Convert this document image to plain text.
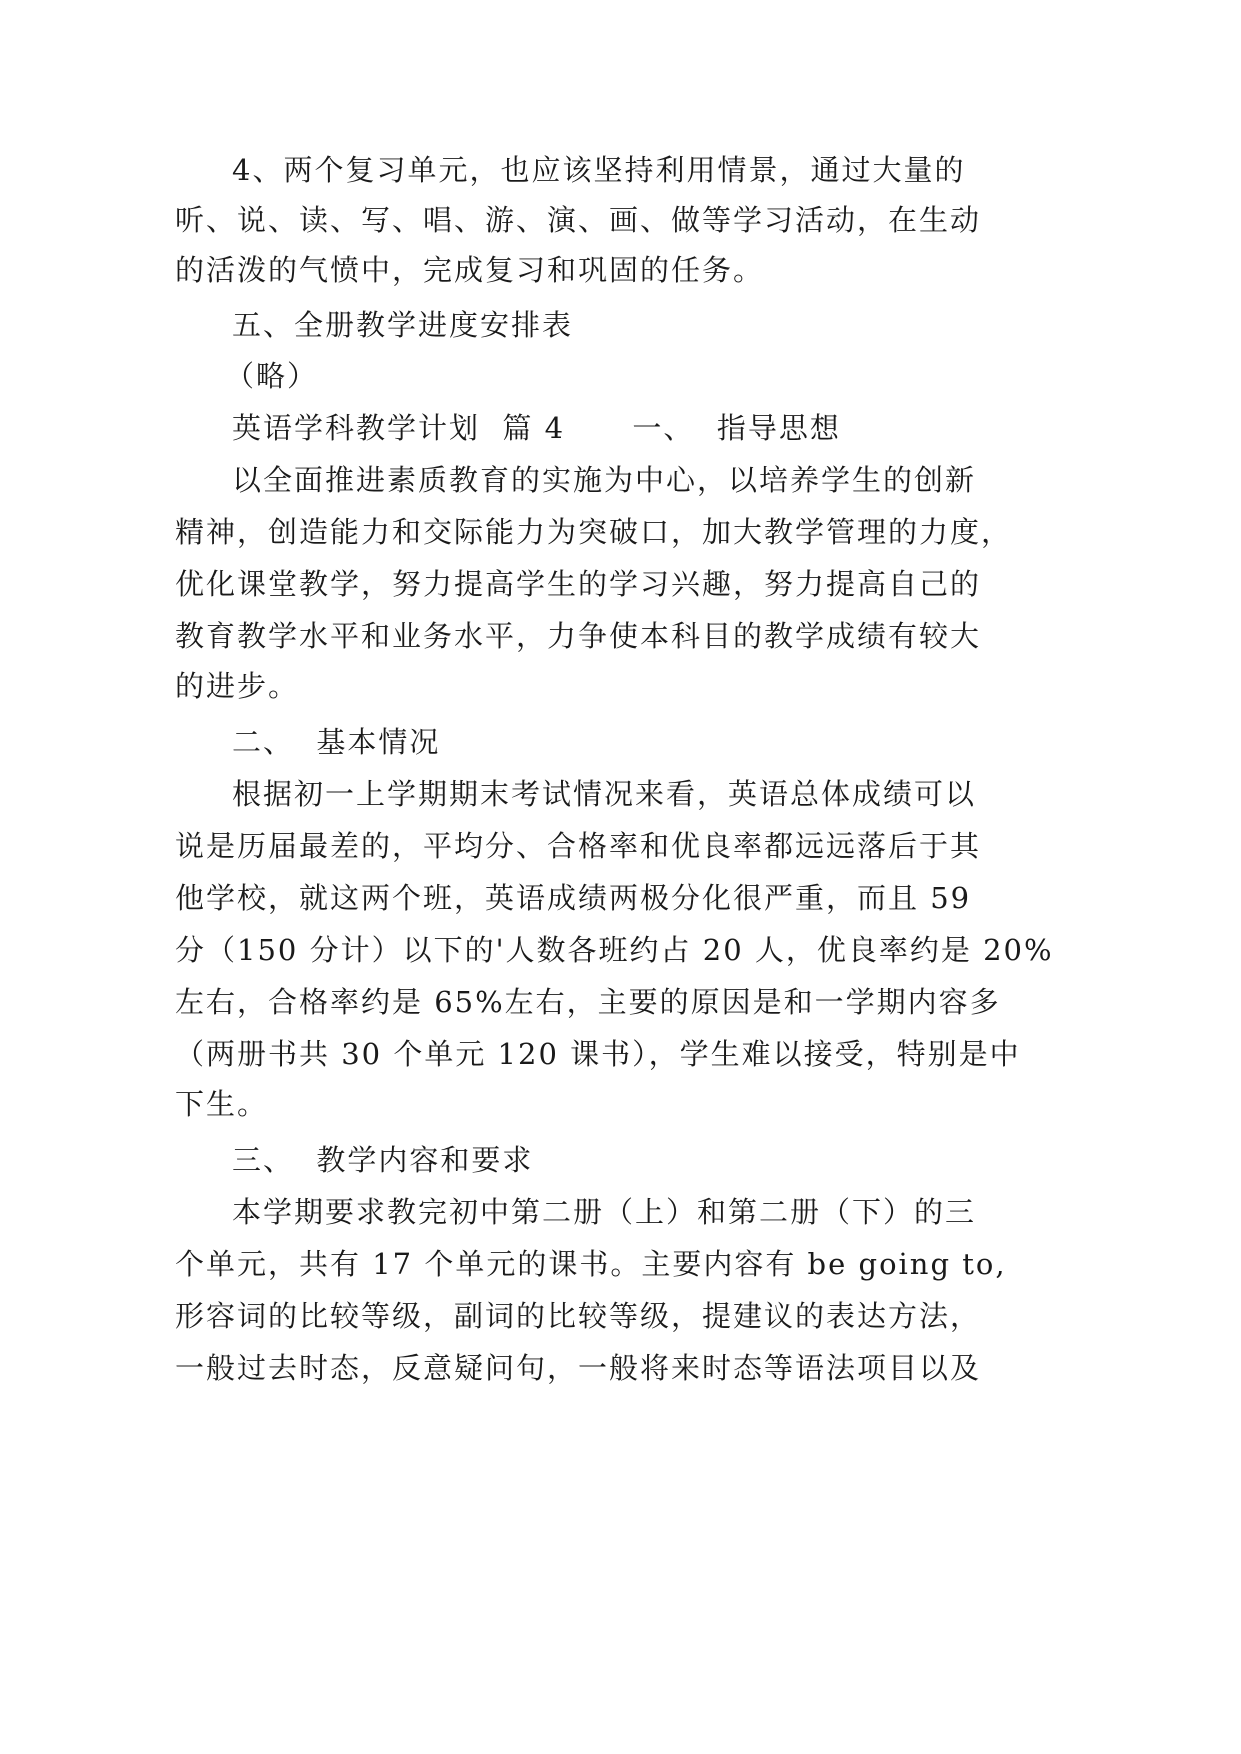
4、两个复习单元，也应该坚持利用情景，通过大量的
听、说、读、写、唱、游、演、画、做等学习活动，在生动
的活泼的气愤中，完成复习和巩固的任务。
五、全册教学进度安排表
（略）
英语学科教学计划  篇 4      一、  指导思想
以全面推进素质教育的实施为中心，以培养学生的创新
精神，创造能力和交际能力为突破口，加大教学管理的力度，
优化课堂教学，努力提高学生的学习兴趣，努力提高自己的
教育教学水平和业务水平，力争使本科目的教学成绩有较大
的进步。
二、  基本情况
根据初一上学期期末考试情况来看，英语总体成绩可以
说是历届最差的，平均分、合格率和优良率都远远落后于其
他学校，就这两个班，英语成绩两极分化很严重，而且 59
分（150 分计）以下的'人数各班约占 20 人，优良率约是 20%
左右，合格率约是 65%左右，主要的原因是和一学期内容多
（两册书共 30 个单元 120 课书），学生难以接受，特别是中
下生。
三、  教学内容和要求
本学期要求教完初中第二册（上）和第二册（下）的三
个单元，共有 17 个单元的课书。主要内容有 be going to,
形容词的比较等级，副词的比较等级，提建议的表达方法，
一般过去时态，反意疑问句，一般将来时态等语法项目以及
